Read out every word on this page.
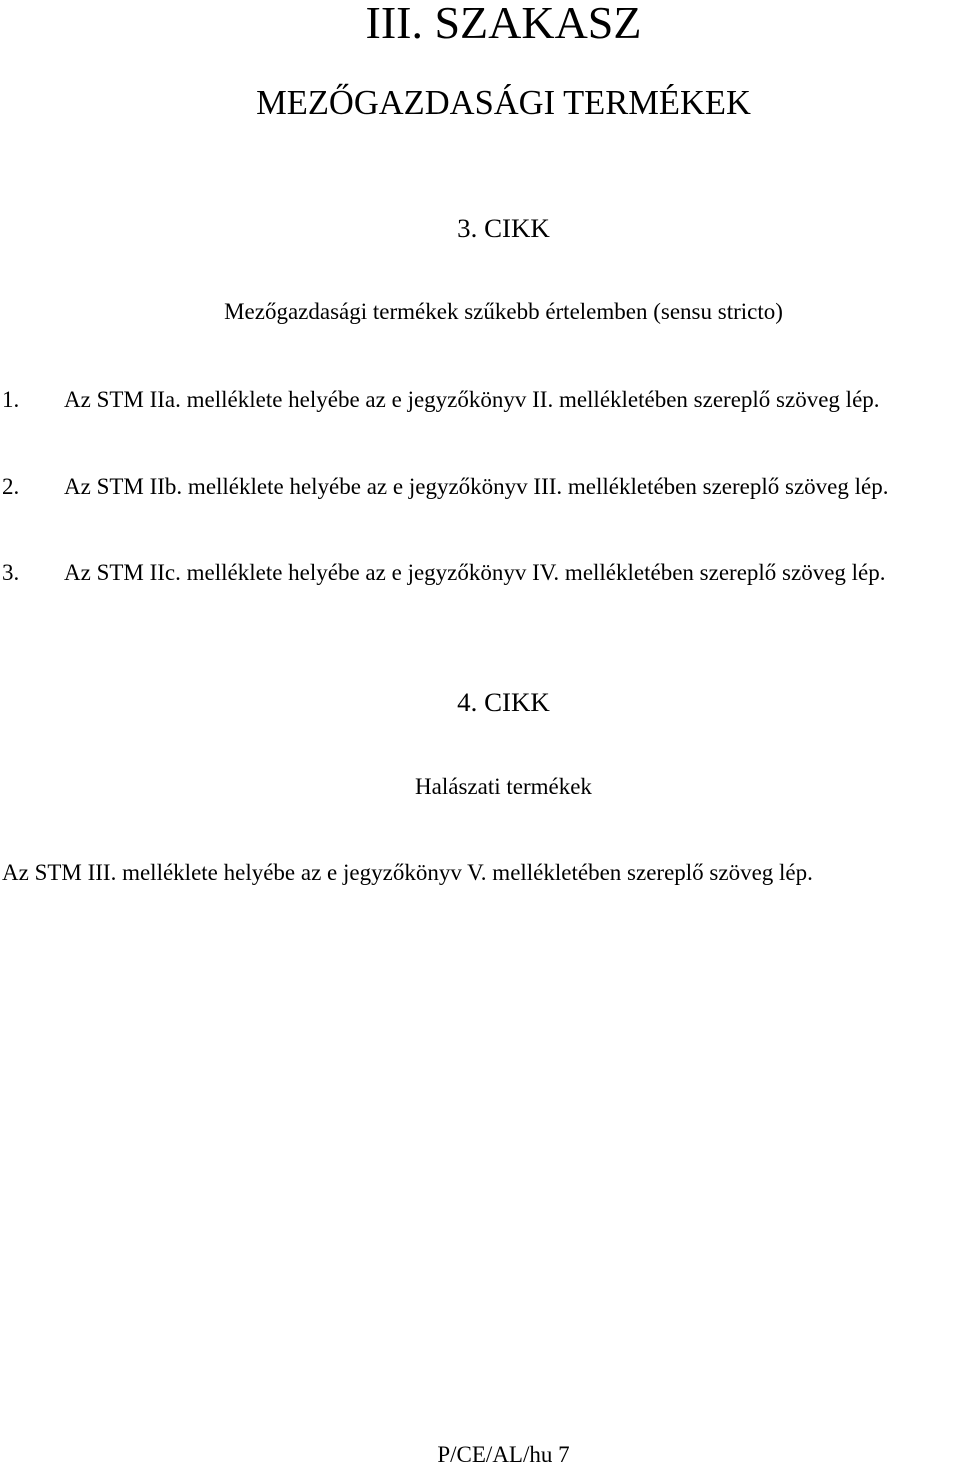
III. SZAKASZ
MEZŐGAZDASÁGI TERMÉKEK
3. CIKK

Mezőgazdasági termékek szűkebb értelemben (sensu stricto)

1. Az STM IIa. melléklete helyébe az e jegyzőkönyv II. mellékletében szereplő szöveg lép.
2. Az STM IIb. melléklete helyébe az e jegyzőkönyv III. mellékletében szereplő szöveg lép.
3. Az STM IIc. melléklete helyébe az e jegyzőkönyv IV. mellékletében szereplő szöveg lép.
4. CIKK

Halászati termékek

Az STM III. melléklete helyébe az e jegyzőkönyv V. mellékletében szereplő szöveg lép.

P/CE/AL/hu 7
